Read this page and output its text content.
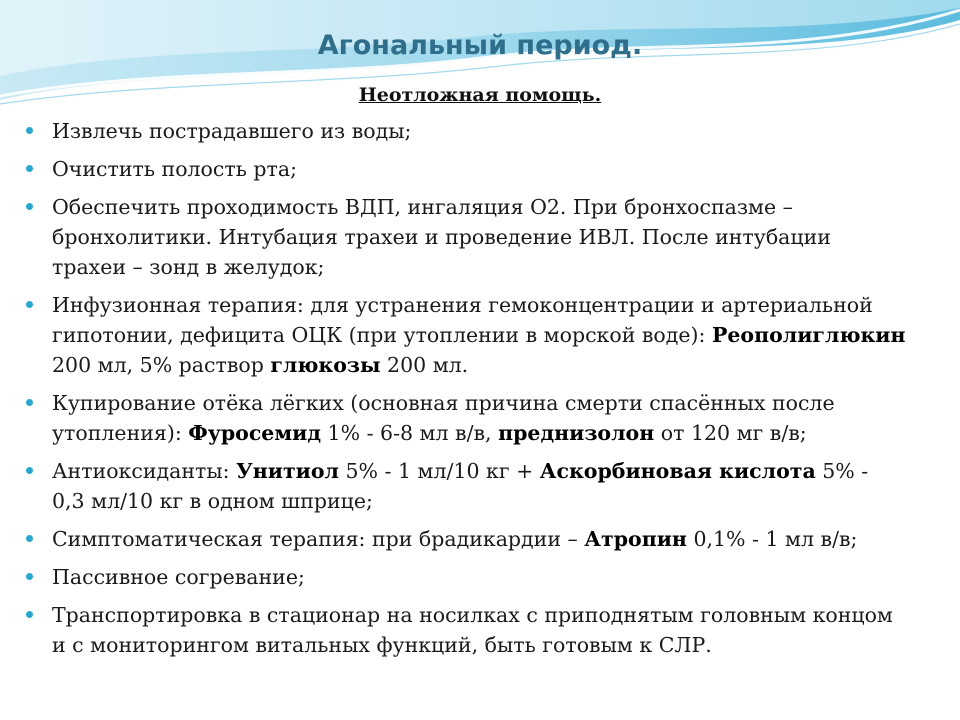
Агональный период.

Неотложная помощь.

Извлечь пострадавшего из воды;
Очистить полость рта;
Обеспечить проходимость ВДП, ингаляция О2. При бронхоспазме – бронхолитики. Интубация трахеи и проведение ИВЛ. После интубации трахеи – зонд в желудок;
Инфузионная терапия: для устранения гемоконцентрации и артериальной гипотонии, дефицита ОЦК (при утоплении в морской воде): Реополиглюкин 200 мл, 5% раствор глюкозы 200 мл.
Купирование отёка лёгких (основная причина смерти спасённых после утопления): Фуросемид 1% - 6-8 мл в/в, преднизолон от 120 мг в/в;
Антиоксиданты: Унитиол 5% - 1 мл/10 кг + Аскорбиновая кислота 5% - 0,3 мл/10 кг в одном шприце;
Симптоматическая терапия: при брадикардии – Атропин 0,1% - 1 мл в/в;
Пассивное согревание;
Транспортировка в стационар на носилках с приподнятым головным концом и с мониторингом витальных функций, быть готовым к СЛР.
